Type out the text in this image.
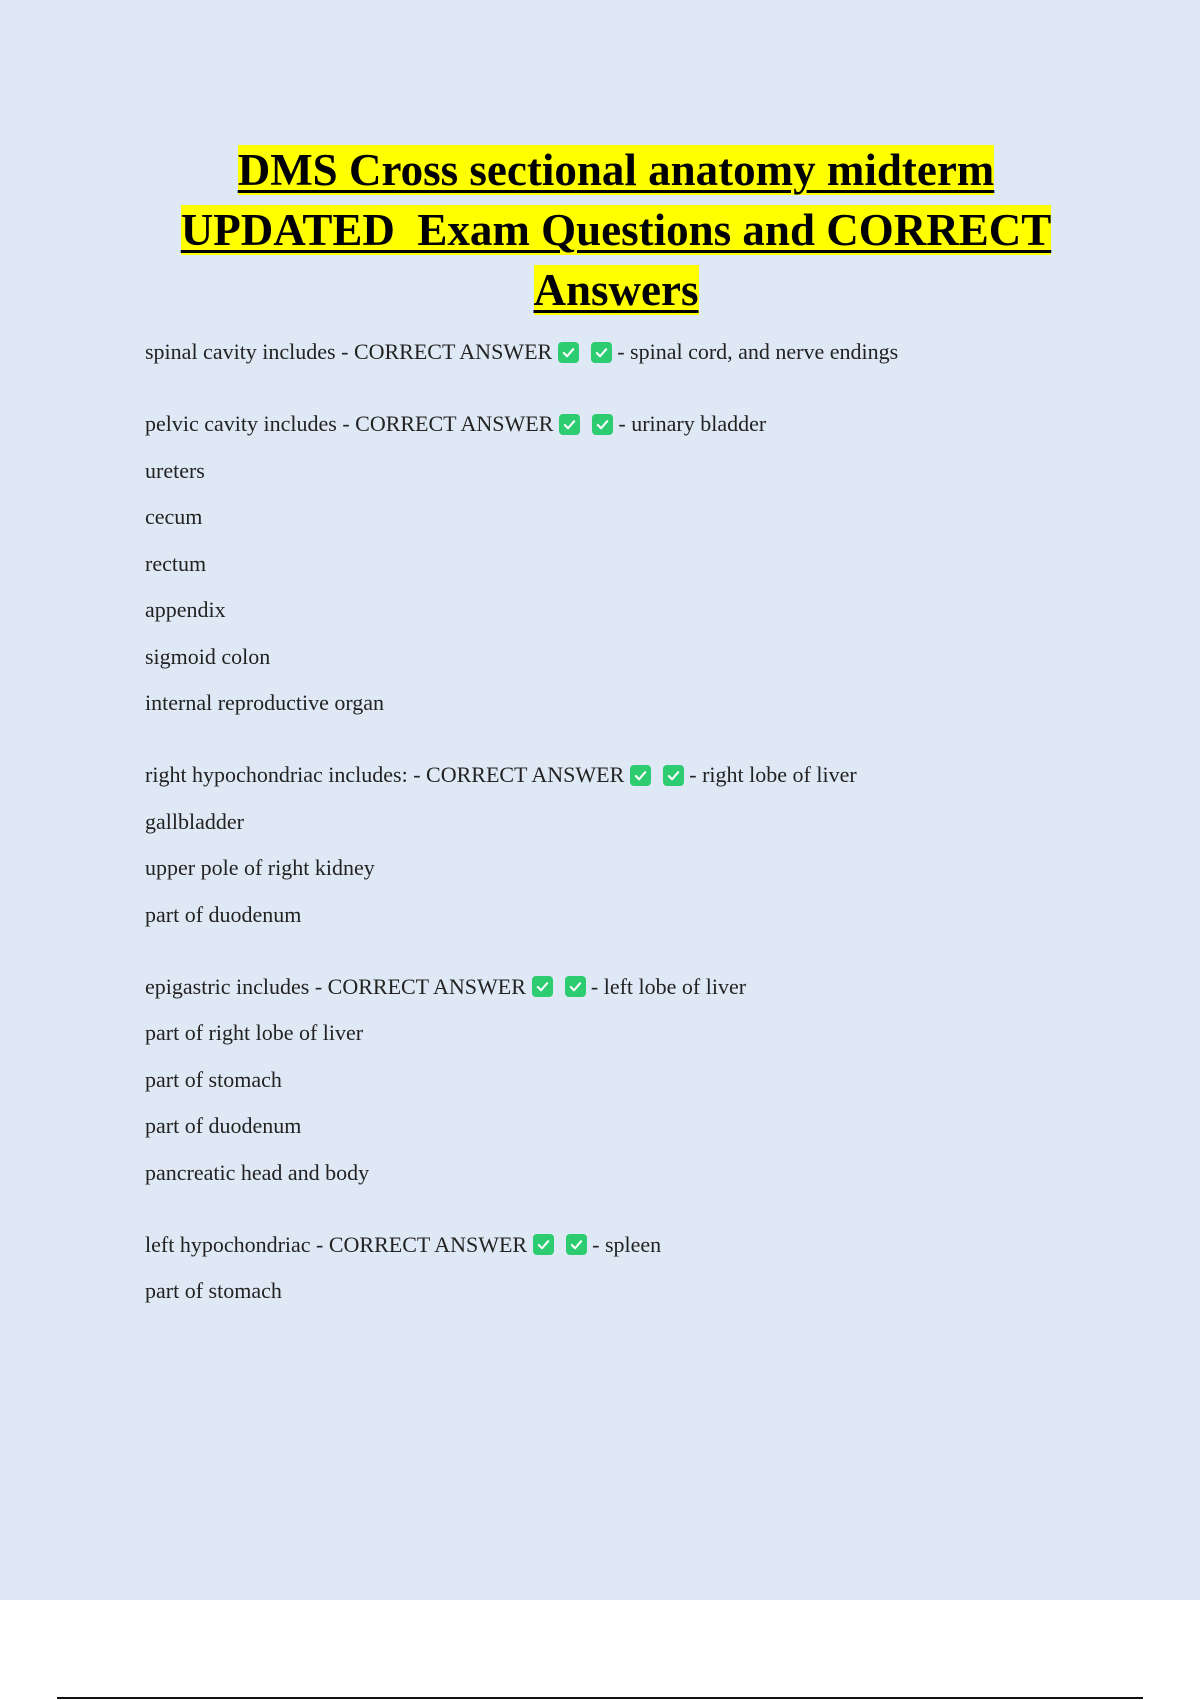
DMS Cross sectional anatomy midterm
UPDATED  Exam Questions and CORRECT
Answers
spinal cavity includes - CORRECT ANSWER	- spinal cord, and nerve endings
pelvic cavity includes - CORRECT ANSWER	- urinary bladder
ureters
cecum
rectum
appendix
sigmoid colon
internal reproductive organ
right hypochondriac includes: - CORRECT ANSWER	- right lobe of liver
gallbladder
upper pole of right kidney
part of duodenum
epigastric includes - CORRECT ANSWER	- left lobe of liver
part of right lobe of liver
part of stomach
part of duodenum
pancreatic head and body
left hypochondriac - CORRECT ANSWER	- spleen
part of stomach
